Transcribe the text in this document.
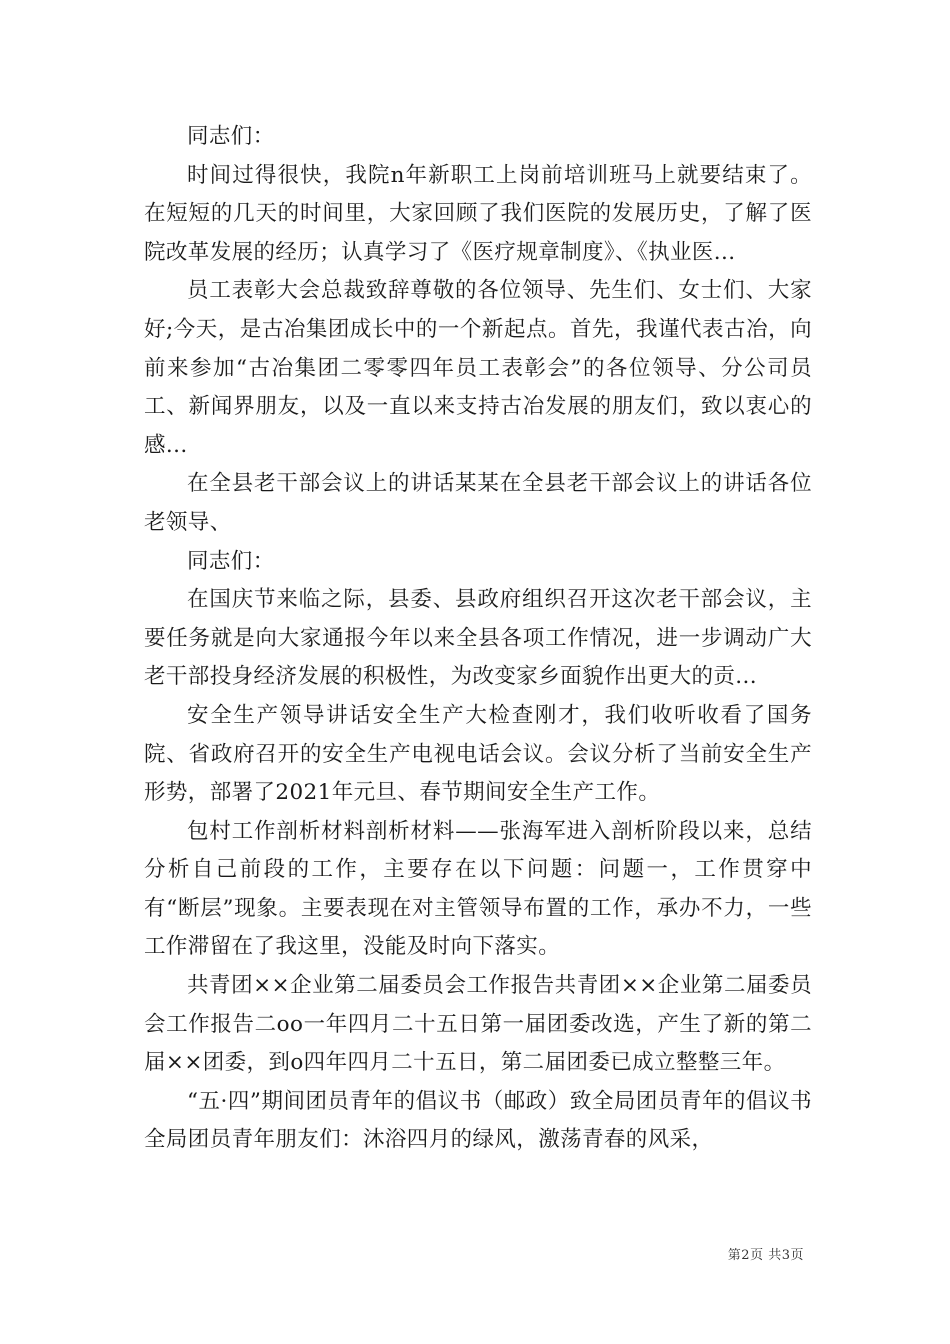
同志们：

时间过得很快，我院n年新职工上岗前培训班马上就要结束了。在短短的几天的时间里，大家回顾了我们医院的发展历史，了解了医院改革发展的经历；认真学习了《医疗规章制度》、《执业医...

员工表彰大会总裁致辞尊敬的各位领导、先生们、女士们、大家好;今天，是古冶集团成长中的一个新起点。首先，我谨代表古冶，向前来参加“古冶集团二零零四年员工表彰会”的各位领导、分公司员工、新闻界朋友，以及一直以来支持古冶发展的朋友们，致以衷心的感...

在全县老干部会议上的讲话某某在全县老干部会议上的讲话各位老领导、

同志们：

在国庆节来临之际，县委、县政府组织召开这次老干部会议，主要任务就是向大家通报今年以来全县各项工作情况，进一步调动广大老干部投身经济发展的积极性，为改变家乡面貌作出更大的贡...

安全生产领导讲话安全生产大检查刚才，我们收听收看了国务院、省政府召开的安全生产电视电话会议。会议分析了当前安全生产形势，部署了2021年元旦、春节期间安全生产工作。

包村工作剖析材料剖析材料——张海军进入剖析阶段以来，总结分析自己前段的工作，主要存在以下问题：问题一，工作贯穿中有“断层”现象。主要表现在对主管领导布置的工作，承办不力，一些工作滞留在了我这里，没能及时向下落实。

共青团××企业第二届委员会工作报告共青团××企业第二届委员会工作报告二oo一年四月二十五日第一届团委改选，产生了新的第二届××团委，到o四年四月二十五日，第二届团委已成立整整三年。

“五·四”期间团员青年的倡议书（邮政）致全局团员青年的倡议书全局团员青年朋友们：沐浴四月的绿风，激荡青春的风采，

第2页 共3页
